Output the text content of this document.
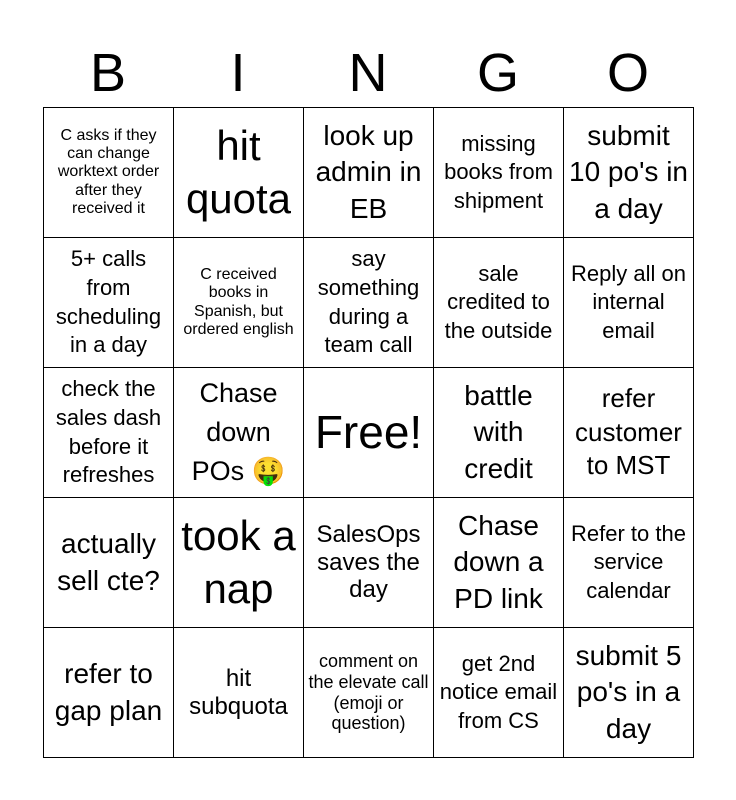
B	I	N	G	O
C asks if they can change worktext order after they received it	hit quota	look up admin in EB	missing books from shipment	submit 10 po's in a day
5+ calls from scheduling in a day	C received books in Spanish, but ordered english	say something during a team call	sale credited to the outside	Reply all on internal email
check the sales dash before it refreshes	Chase down POs 🤑	Free!	battle with credit	refer customer to MST
actually sell cte?	took a nap	SalesOps saves the day	Chase down a PD link	Refer to the service calendar
refer to gap plan	hit subquota	comment on the elevate call (emoji or question)	get 2nd notice email from CS	submit 5 po's in a day
